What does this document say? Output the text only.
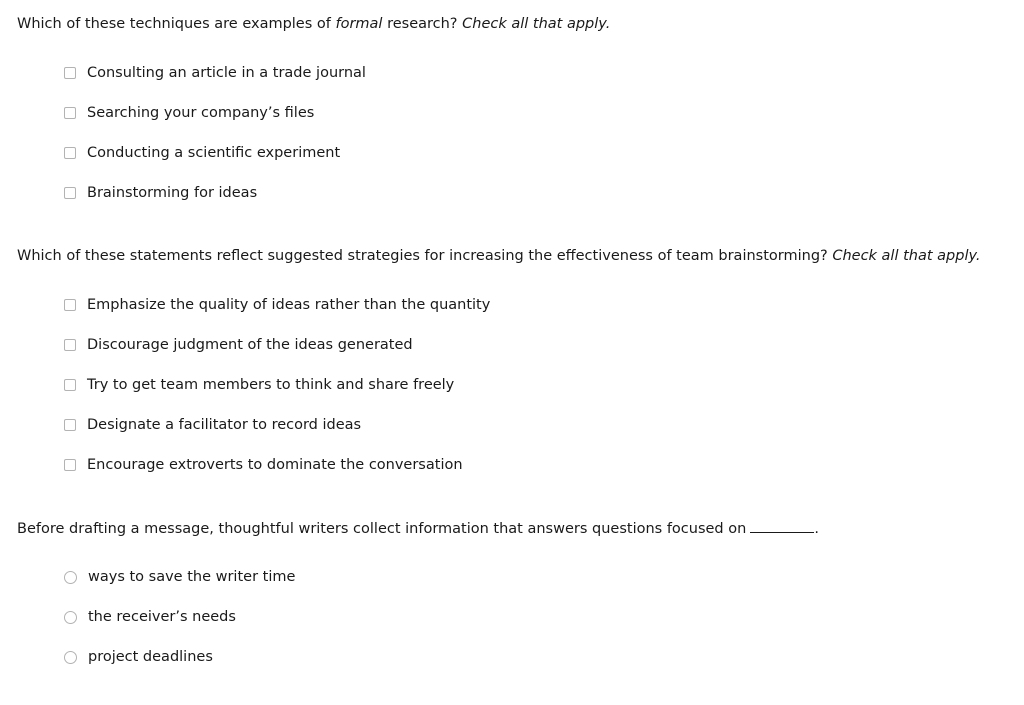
Which of these techniques are examples of formal research? Check all that apply.
Consulting an article in a trade journal
Searching your company’s files
Conducting a scientific experiment
Brainstorming for ideas
Which of these statements reflect suggested strategies for increasing the effectiveness of team brainstorming? Check all that apply.
Emphasize the quality of ideas rather than the quantity
Discourage judgment of the ideas generated
Try to get team members to think and share freely
Designate a facilitator to record ideas
Encourage extroverts to dominate the conversation
Before drafting a message, thoughtful writers collect information that answers questions focused on	.
ways to save the writer time
the receiver’s needs
project deadlines
